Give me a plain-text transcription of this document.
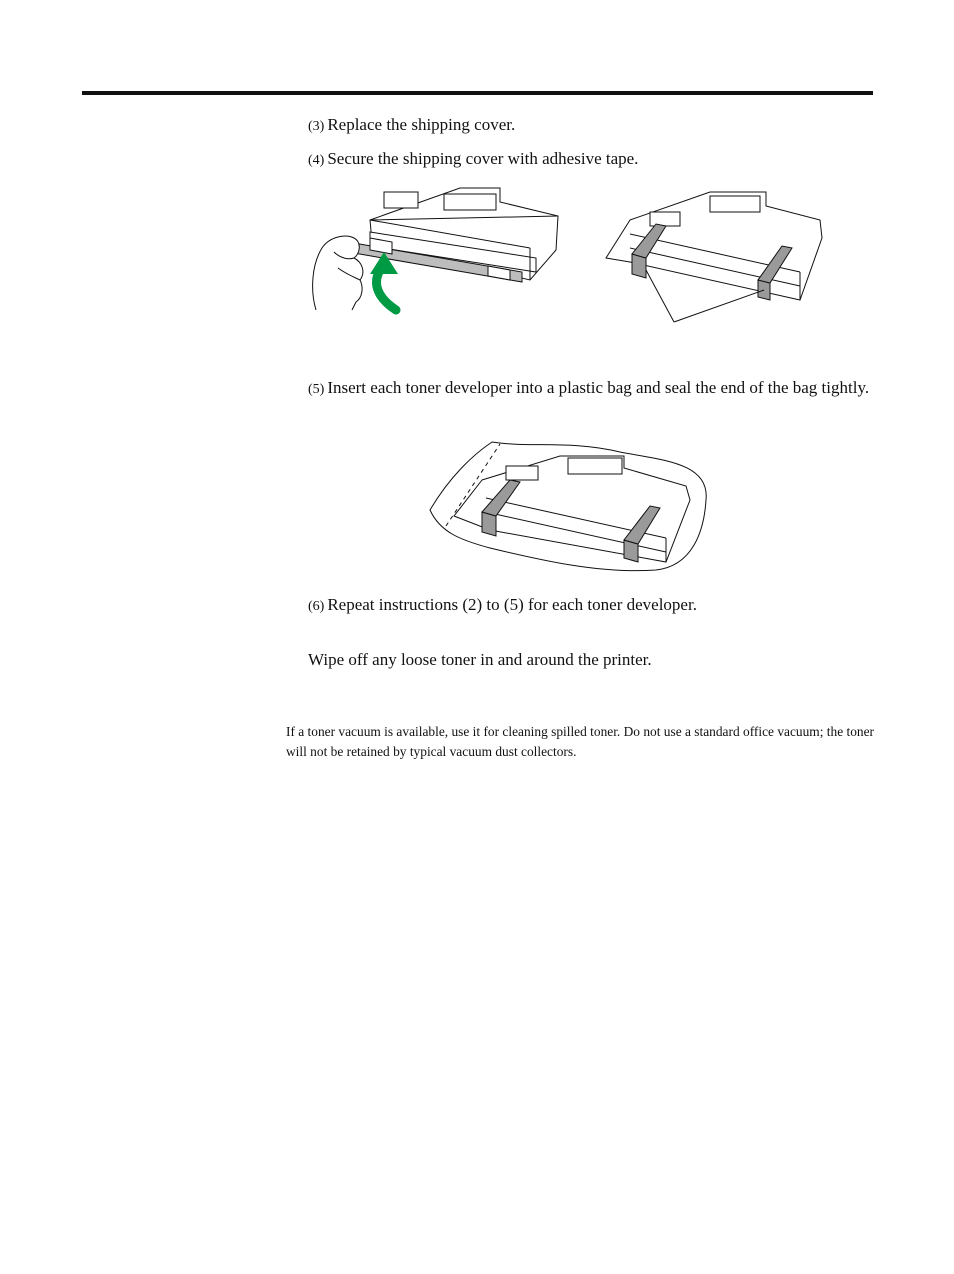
(3) Replace the shipping cover.
(4) Secure the shipping cover with adhesive tape.
(5) Insert each toner developer into a plastic bag and seal the end of the bag tightly.
(6) Repeat instructions (2) to (5) for each toner developer.
Wipe off any loose toner in and around the printer.
If a toner vacuum is available, use it for cleaning spilled toner. Do not use a standard office vacuum; the toner will not be retained by typical vacuum dust collectors.
